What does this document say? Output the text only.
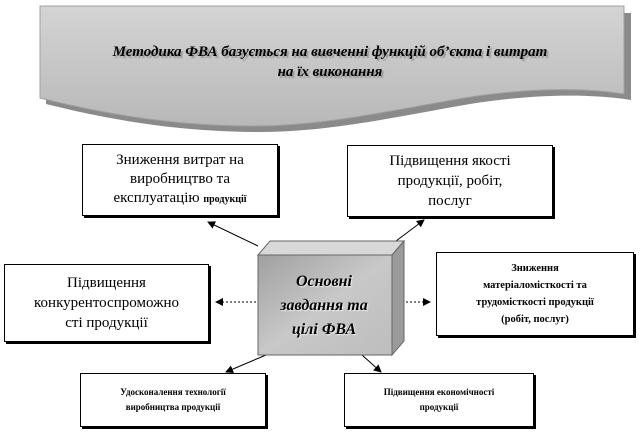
Методика ФВА базується на вивченні функцій об’єкта і витрат
на їх виконання
Основні
завдання та
цілі ФВА
Зниження витрат на
виробництво та
експлуатацію продукції
Підвищення якості
продукції, робіт,
послуг
Підвищення
конкурентоспроможно
сті продукції
Зниження
матеріаломісткості та
трудомісткості продукції
(робіт, послуг)
Удосконалення технології
виробництва продукції
Підвищення економічності
продукції
